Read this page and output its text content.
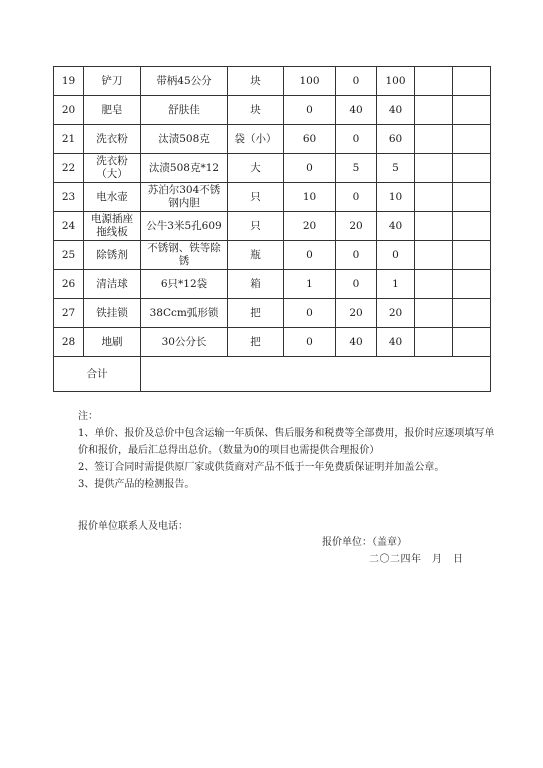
19	铲刀	带柄45公分	块	100	0	100		
20	肥皂	舒肤佳	块	0	40	40		
21	洗衣粉	汰渍508克	袋（小）	60	0	60		
22	洗衣粉（大）	汰渍508克*12	大	0	5	5		
23	电水壶	苏泊尔304不锈钢内胆	只	10	0	10		
24	电源插座拖线板	公牛3米5孔609	只	20	20	40		
25	除锈剂	不锈钢、铁等除锈	瓶	0	0	0		
26	清洁球	6只*12袋	箱	1	0	1		
27	铁挂锁	38Ccm弧形锁	把	0	20	20		
28	地刷	30公分长	把	0	40	40		
合计								

注：

1、单价、报价及总价中包含运输一年质保、售后服务和税费等全部费用，报价时应逐项填写单价和报价，最后汇总得出总价。（数量为0的项目也需提供合理报价）

2、签订合同时需提供原厂家或供货商对产品不低于一年免费质保证明并加盖公章。

3、提供产品的检测报告。

报价单位联系人及电话：
报价单位：（盖章）
二〇二四年　月　日
